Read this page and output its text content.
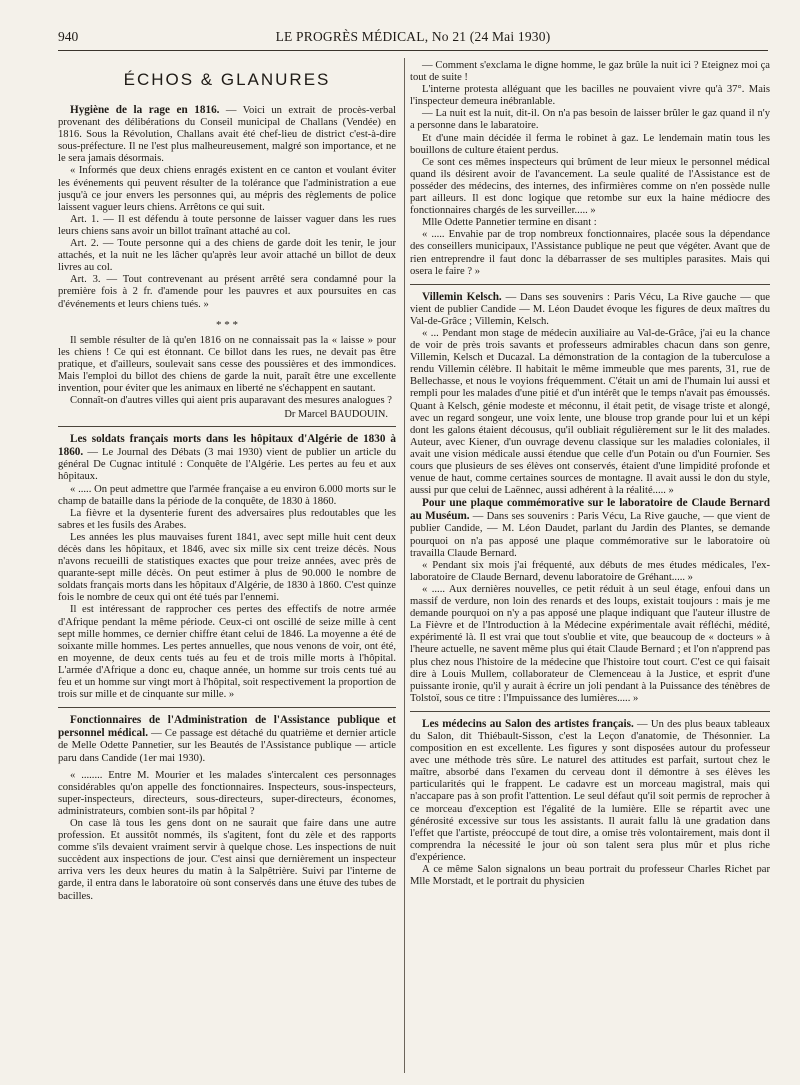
940	LE PROGRÈS MÉDICAL, No 21 (24 Mai 1930)
ÉCHOS & GLANURES

Hygiène de la rage en 1816. — Voici un extrait de procès-verbal provenant des délibérations du Conseil municipal de Challans (Vendée) en 1816. Sous la Révolution, Challans avait été chef-lieu de district c'est-à-dire sous-préfecture. Il ne l'est plus malheureusement, malgré son importance, et ne le sera jamais désormais.

« Informés que deux chiens enragés existent en ce canton et voulant éviter les événements qui peuvent résulter de la tolérance que l'administration a eue jusqu'à ce jour envers les personnes qui, au mépris des règlements de police laissent vaguer leurs chiens. Arrêtons ce qui suit.

Art. 1. — Il est défendu à toute personne de laisser vaguer dans les rues leurs chiens sans avoir un billot traînant attaché au col.

Art. 2. — Toute personne qui a des chiens de garde doit les tenir, le jour attachés, et la nuit ne les lâcher qu'après leur avoir attaché un billot de deux livres au col.

Art. 3. — Tout contrevenant au présent arrêté sera condamné pour la première fois à 2 fr. d'amende pour les pauvres et aux poursuites en cas d'événements et leurs chiens tués. »

* * *

Il semble résulter de là qu'en 1816 on ne connaissait pas la « laisse » pour les chiens ! Ce qui est étonnant. Ce billot dans les rues, ne devait pas être pratique, et d'ailleurs, soulevait sans cesse des poussières et des immondices. Mais l'emploi du billot des chiens de garde la nuit, paraît être une excellente invention, pour éviter que les animaux en liberté ne s'échappent en sautant.

Connaît-on d'autres villes qui aient pris auparavant des mesures analogues ?

Dr Marcel BAUDOUIN.

Les soldats français morts dans les hôpitaux d'Algérie de 1830 à 1860. — Le Journal des Débats (3 mai 1930) vient de publier un article du général De Cugnac intitulé : Conquête de l'Algérie. Les pertes au feu et aux hôpitaux.

« ..... On peut admettre que l'armée française a eu environ 6.000 morts sur le champ de bataille dans la période de la conquête, de 1830 à 1860.

La fièvre et la dysenterie furent des adversaires plus redoutables que les sabres et les fusils des Arabes.

Les années les plus mauvaises furent 1841, avec sept mille huit cent deux décès dans les hôpitaux, et 1846, avec six mille six cent treize décès. Nous n'avons recueilli de statistiques exactes que pour treize années, avec près de quarante-sept mille décès. On peut estimer à plus de 90.000 le nombre de soldats français morts dans les hôpitaux d'Algérie, de 1830 à 1860. C'est quinze fois le nombre de ceux qui ont été tués par l'ennemi.

Il est intéressant de rapprocher ces pertes des effectifs de notre armée d'Afrique pendant la même période. Ceux-ci ont oscillé de seize mille à cent sept mille hommes, ce dernier chiffre étant celui de 1846. La moyenne a été de soixante mille hommes. Les pertes annuelles, que nous venons de voir, ont été, en moyenne, de deux cents tués au feu et de trois mille morts à l'hôpital. L'armée d'Afrique a donc eu, chaque année, un homme sur trois cents tué au feu et un homme sur vingt mort à l'hôpital, soit respectivement la proportion de trois sur mille et de cinquante sur mille. »

Fonctionnaires de l'Administration de l'Assistance publique et personnel médical. — Ce passage est détaché du quatrième et dernier article de Melle Odette Pannetier, sur les Beautés de l'Assistance publique — article paru dans Candide (1er mai 1930).

« ........ Entre M. Mourier et les malades s'intercalent ces personnages considérables qu'on appelle des fonctionnaires. Inspecteurs, sous-inspecteurs, super-inspecteurs, directeurs, sous-directeurs, super-directeurs, économes, administrateurs, combien sont-ils par hôpital ?

On case là tous les gens dont on ne saurait que faire dans une autre profession. Et aussitôt nommés, ils s'agitent, font du zèle et des rapports comme s'ils devaient vraiment servir à quelque chose. Les inspections de nuit succèdent aux inspections de jour. C'est ainsi que dernièrement un inspecteur arriva vers les deux heures du matin à la Salpêtrière. Suivi par l'interne de garde, il entra dans le laboratoire où sont conservés dans une étuve des tubes de bacilles.

— Comment s'exclama le digne homme, le gaz brûle la nuit ici ? Eteignez moi ça tout de suite !

L'interne protesta alléguant que les bacilles ne pouvaient vivre qu'à 37°. Mais l'inspecteur demeura inébranlable.

— La nuit est la nuit, dit-il. On n'a pas besoin de laisser brûler le gaz quand il n'y a personne dans le labaratoire.

Et d'une main décidée il ferma le robinet à gaz. Le lendemain matin tous les bouillons de culture étaient perdus.

Ce sont ces mêmes inspecteurs qui brûment de leur mieux le personnel médical quand ils désirent avoir de l'avancement. La seule qualité de l'Assistance est de posséder des médecins, des internes, des infirmières comme on n'en possède nulle part ailleurs. Il est donc logique que retombe sur eux la haine médiocre des fonctionnaires chargés de les surveiller..... »

Mlle Odette Pannetier termine en disant :

« ..... Envahie par de trop nombreux fonctionnaires, placée sous la dépendance des conseillers municipaux, l'Assistance publique ne peut que végéter. Avant que de rien entreprendre il faut donc la débarrasser de ses multiples parasites. Mais qui osera le faire ? »

Villemin Kelsch. — Dans ses souvenirs : Paris Vécu, La Rive gauche — que vient de publier Candide — M. Léon Daudet évoque les figures de deux maîtres du Val-de-Grâce ; Villemin, Kelsch.

« ... Pendant mon stage de médecin auxiliaire au Val-de-Grâce, j'ai eu la chance de voir de près trois savants et professeurs admirables chacun dans son genre, Villemin, Kelsch et Ducazal. La démonstration de la contagion de la tuberculose a rendu Villemin célèbre. Il habitait le même immeuble que mes parents, 31, rue de Bellechasse, et nous le voyions fréquemment. C'était un ami de l'humain lui aussi et rempli pour les malades d'une pitié et d'un intérêt que le temps n'avait pas émoussés. Quant à Kelsch, génie modeste et méconnu, il était petit, de visage triste et alongé, avec un regard songeur, une voix lente, une blouse trop grande pour lui et un képi dont les galons étaient décousus, qu'il oubliait régulièrement sur le lit des malades. Auteur, avec Kiener, d'un ouvrage devenu classique sur les maladies coloniales, il avait une vision médicale aussi étendue que celle d'un Potain ou d'un Fournier. Ses cours que plusieurs de ses élèves ont conservés, étaient d'une limpidité profonde et venue de haut, comme certaines sources de montagne. Il avait aussi le don du style, aussi pur que celui de Laënnec, aussi adhérent à la réalité..... »

Pour une plaque commémorative sur le laboratoire de Claude Bernard au Muséum. — Dans ses souvenirs : Paris Vécu, La Rive gauche, — que vient de publier Candide, — M. Léon Daudet, parlant du Jardin des Plantes, se demande pourquoi on n'a pas apposé une plaque commémorative sur le laboratoire où travailla Claude Bernard.

« Pendant six mois j'ai fréquenté, aux débuts de mes études médicales, l'ex-laboratoire de Claude Bernard, devenu laboratoire de Gréhant..... »

« ..... Aux dernières nouvelles, ce petit réduit à un seul étage, enfoui dans un massif de verdure, non loin des renards et des loups, existait toujours : mais je me demande pourquoi on n'y a pas apposé une plaque indiquant que l'auteur illustre de La Fièvre et de l'Introduction à la Médecine expérimentale avait réfléchi, médité, expérimenté là. Il est vrai que tout s'oublie et vite, que beaucoup de « docteurs » à l'heure actuelle, ne savent même plus qui était Claude Bernard ; et l'on n'apprend pas plus chez nous l'histoire de la médecine que l'histoire tout court. C'est ce qui faisait dire à Louis Mullem, collaborateur de Clemenceau à la Justice, et esprit d'une puissante ironie, qu'il y aurait à écrire un joli pendant à la Puissance des ténèbres de Tolstoï, sous ce titre : l'Impuissance des lumières..... »

Les médecins au Salon des artistes français. — Un des plus beaux tableaux du Salon, dit Thiébault-Sisson, c'est la Leçon d'anatomie, de Thésonnier. La composition en est excellente. Les figures y sont disposées autour du professeur avec une méthode très sûre. Le naturel des attitudes est parfait, surtout chez le maître, absorbé dans l'examen du cerveau dont il démontre à ses élèves les particularités qui le frappent. Le cadavre est un morceau magistral, mais qui n'accapare pas à son profit l'attention. Le seul défaut qu'il soit permis de reprocher à ce morceau d'exception est l'égalité de la lumière. Elle se répartit avec une générosité excessive sur tous les assistants. Il aurait fallu là une gradation dans l'effet que l'artiste, préoccupé de tout dire, a omise très volontairement, mais dont il comprendra la nécessité le jour où son talent sera plus mûr et plus riche d'expérience.

A ce même Salon signalons un beau portrait du professeur Charles Richet par Mlle Morstadt, et le portrait du physicien
